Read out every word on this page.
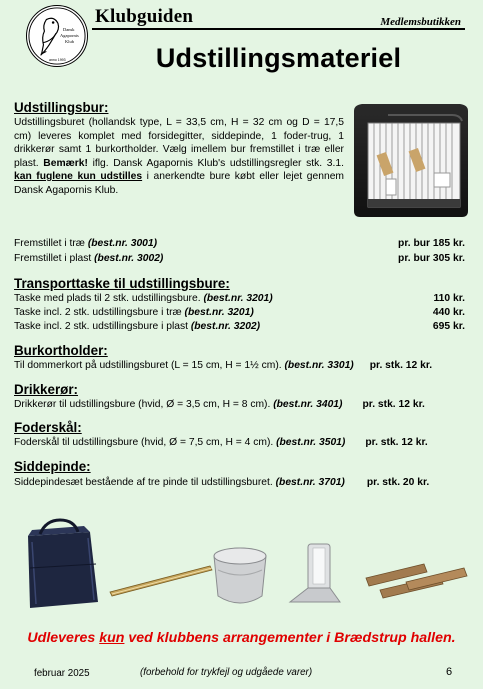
Dansk
Agapornis
Klub
anno 1993
Klubguiden	Medlemsbutikken
Udstillingsmateriel
Udstillingsbur:
Udstillingsburet (hollandsk type, L = 33,5 cm, H = 32 cm og D = 17,5 cm) leveres komplet med forsidegitter, siddepinde, 1 foder-trug, 1 drikkerør samt 1 burkortholder. Vælg imellem bur fremstillet i træ eller plast. Bemærk! iflg. Dansk Agapornis Klub's udstillingsregler stk. 3.1. kan fuglene kun udstilles i anerkendte bure købt eller lejet gennem Dansk Agapornis Klub.
Fremstillet i træ (best.nr. 3001)	pr. bur 185 kr.
Fremstillet i plast (best.nr. 3002)	pr. bur 305 kr.
Transporttaske til udstillingsbure:
Taske med plads til 2 stk. udstillingsbure. (best.nr. 3201)	110 kr.
Taske incl. 2 stk. udstillingsbure i træ (best.nr. 3201)	440 kr.
Taske incl. 2 stk. udstillingsbure i plast (best.nr. 3202)	695 kr.
Burkortholder:
Til dommerkort på udstillingsburet (L = 15 cm, H = 1½ cm). (best.nr. 3301) pr. stk. 12 kr.
Drikkerør:
Drikkerør til udstillingsbure (hvid, Ø = 3,5 cm, H = 8 cm). (best.nr. 3401) pr. stk. 12 kr.
Foderskål:
Foderskål til udstillingsbure (hvid, Ø = 7,5 cm, H = 4 cm). (best.nr. 3501) pr. stk. 12 kr.
Siddepinde:
Siddepindesæt bestående af tre pinde til udstillingsburet. (best.nr. 3701) pr. stk. 20 kr.
Udleveres kun ved klubbens arrangementer i Brædstrup hallen.
februar 2025	(forbehold for trykfejl og udgåede varer)	6
